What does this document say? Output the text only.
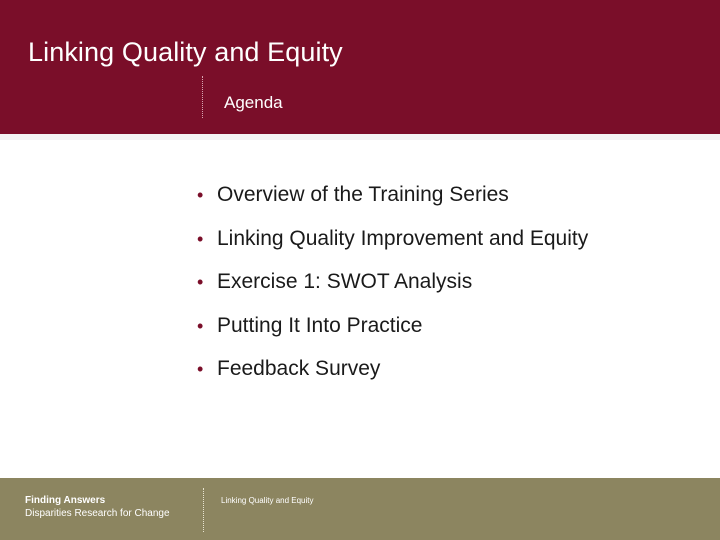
Linking Quality and Equity
Agenda
• Overview of the Training Series
• Linking Quality Improvement and Equity
• Exercise 1: SWOT Analysis
• Putting It Into Practice
• Feedback Survey
Finding Answers
Disparities Research for Change
Linking Quality and Equity
